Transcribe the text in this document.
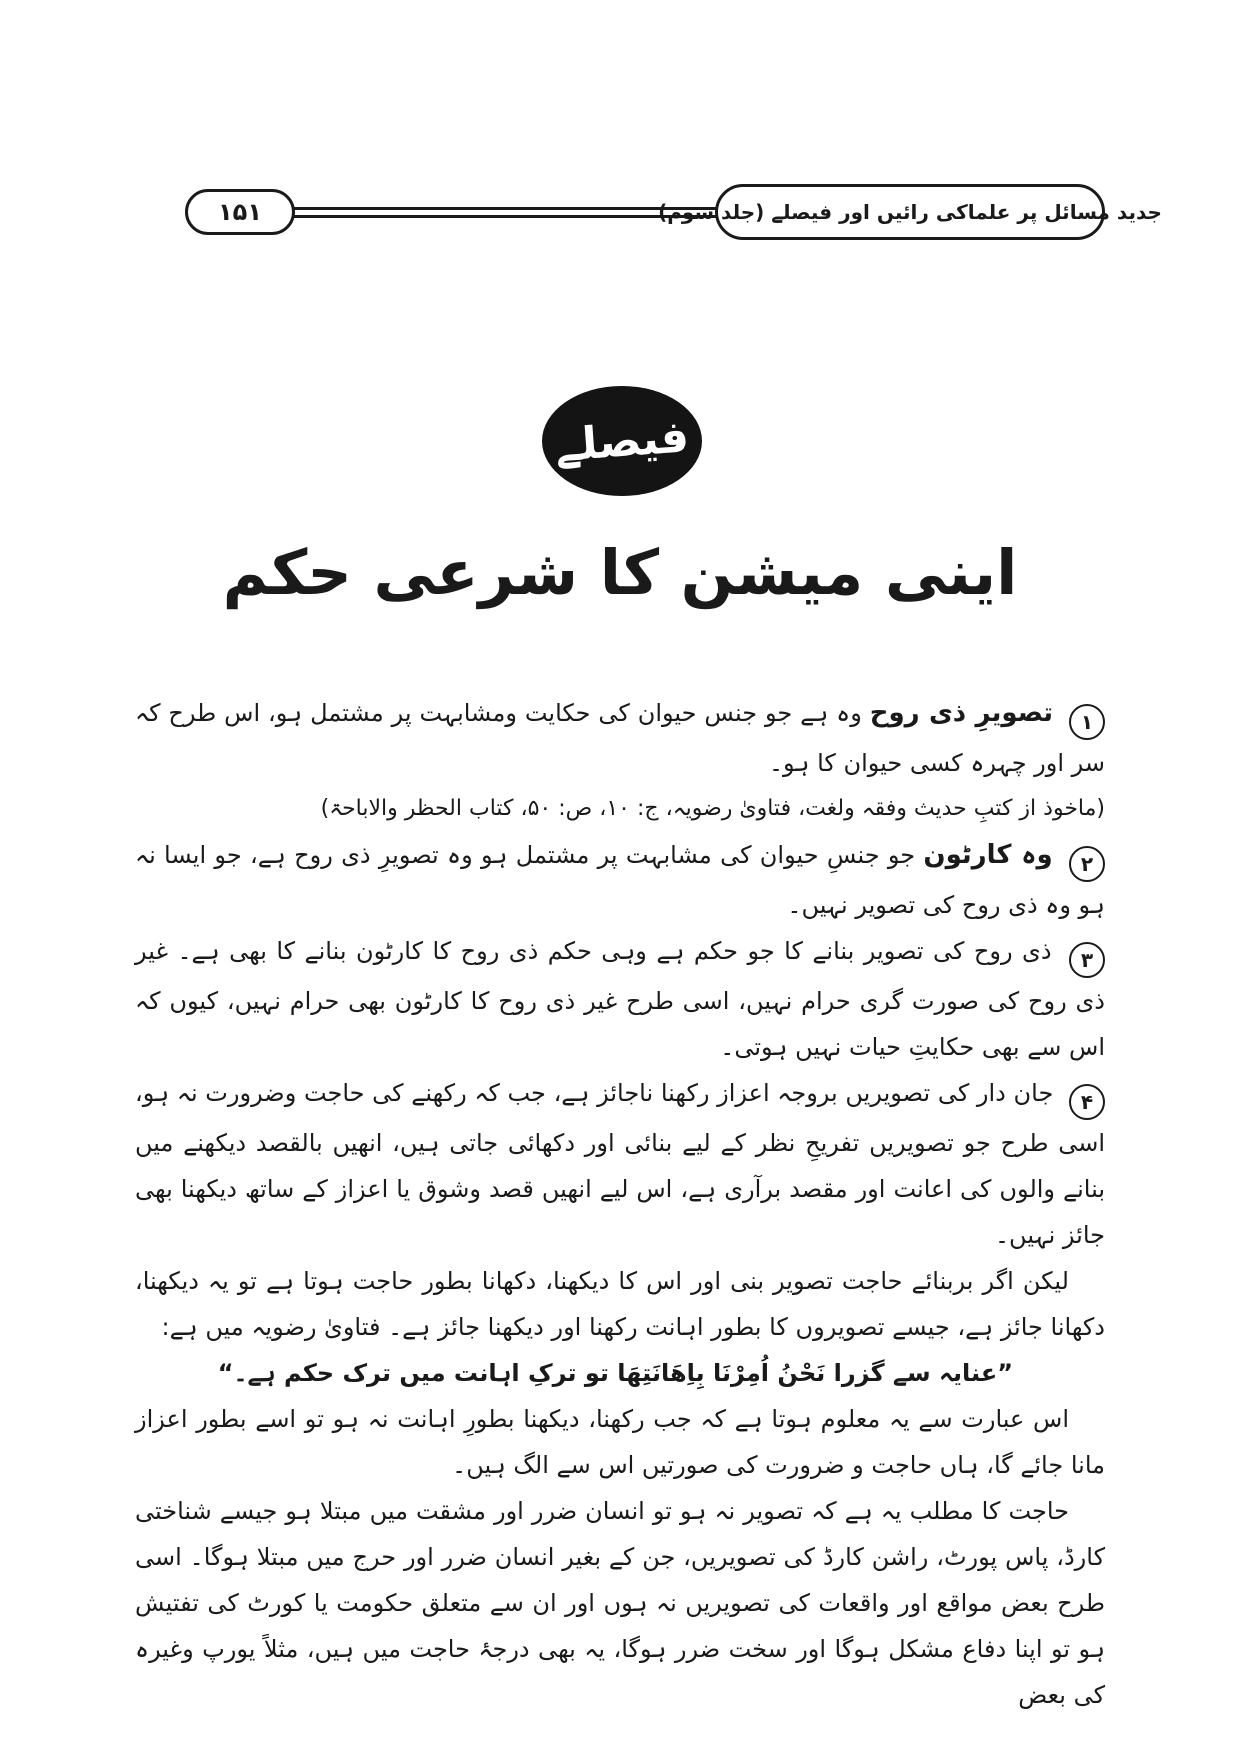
۱۵۱	جدید مسائل پر علماکی رائیں اور فیصلے (جلد سوم)
فیصلے
اینی میشن کا شرعی حکم

۱
تصویرِ ذی روح وہ ہے جو جنس حیوان کی حکایت ومشابہت پر مشتمل ہو، اس طرح کہ سر اور چہرہ کسی حیوان کا ہو۔

(ماخوذ از کتبِ حدیث وفقہ ولغت، فتاویٰ رضویہ، ج: ۱۰، ص: ۵۰، کتاب الحظر والاباحۃ)

۲
وہ کارٹون جو جنسِ حیوان کی مشابہت پر مشتمل ہو وہ تصویرِ ذی روح ہے، جو ایسا نہ ہو وہ ذی روح کی تصویر نہیں۔

۳
ذی روح کی تصویر بنانے کا جو حکم ہے وہی حکم ذی روح کا کارٹون بنانے کا بھی ہے۔ غیر ذی روح کی صورت گری حرام نہیں، اسی طرح غیر ذی روح کا کارٹون بھی حرام نہیں، کیوں کہ اس سے بھی حکایتِ حیات نہیں ہوتی۔

۴
جان دار کی تصویریں بروجہ اعزاز رکھنا ناجائز ہے، جب کہ رکھنے کی حاجت وضرورت نہ ہو، اسی طرح جو تصویریں تفریحِ نظر کے لیے بنائی اور دکھائی جاتی ہیں، انھیں بالقصد دیکھنے میں بنانے والوں کی اعانت اور مقصد برآری ہے، اس لیے انھیں قصد وشوق یا اعزاز کے ساتھ دیکھنا بھی جائز نہیں۔

لیکن اگر بربنائے حاجت تصویر بنی اور اس کا دیکھنا، دکھانا بطور حاجت ہوتا ہے تو یہ دیکھنا، دکھانا جائز ہے، جیسے تصویروں کا بطور اہانت رکھنا اور دیکھنا جائز ہے۔ فتاویٰ رضویہ میں ہے:

”عنایہ سے گزرا نَحْنُ اُمِرْنَا بِاِھَانَتِھَا تو ترکِ اہانت میں ترک حکم ہے۔“

اس عبارت سے یہ معلوم ہوتا ہے کہ جب رکھنا، دیکھنا بطورِ اہانت نہ ہو تو اسے بطور اعزاز مانا جائے گا، ہاں حاجت و ضرورت کی صورتیں اس سے الگ ہیں۔

حاجت کا مطلب یہ ہے کہ تصویر نہ ہو تو انسان ضرر اور مشقت میں مبتلا ہو جیسے شناختی کارڈ، پاس پورٹ، راشن کارڈ کی تصویریں، جن کے بغیر انسان ضرر اور حرج میں مبتلا ہوگا۔ اسی طرح بعض مواقع اور واقعات کی تصویریں نہ ہوں اور ان سے متعلق حکومت یا کورٹ کی تفتیش ہو تو اپنا دفاع مشکل ہوگا اور سخت ضرر ہوگا، یہ بھی درجۂ حاجت میں ہیں، مثلاً یورپ وغیرہ کی بعض
